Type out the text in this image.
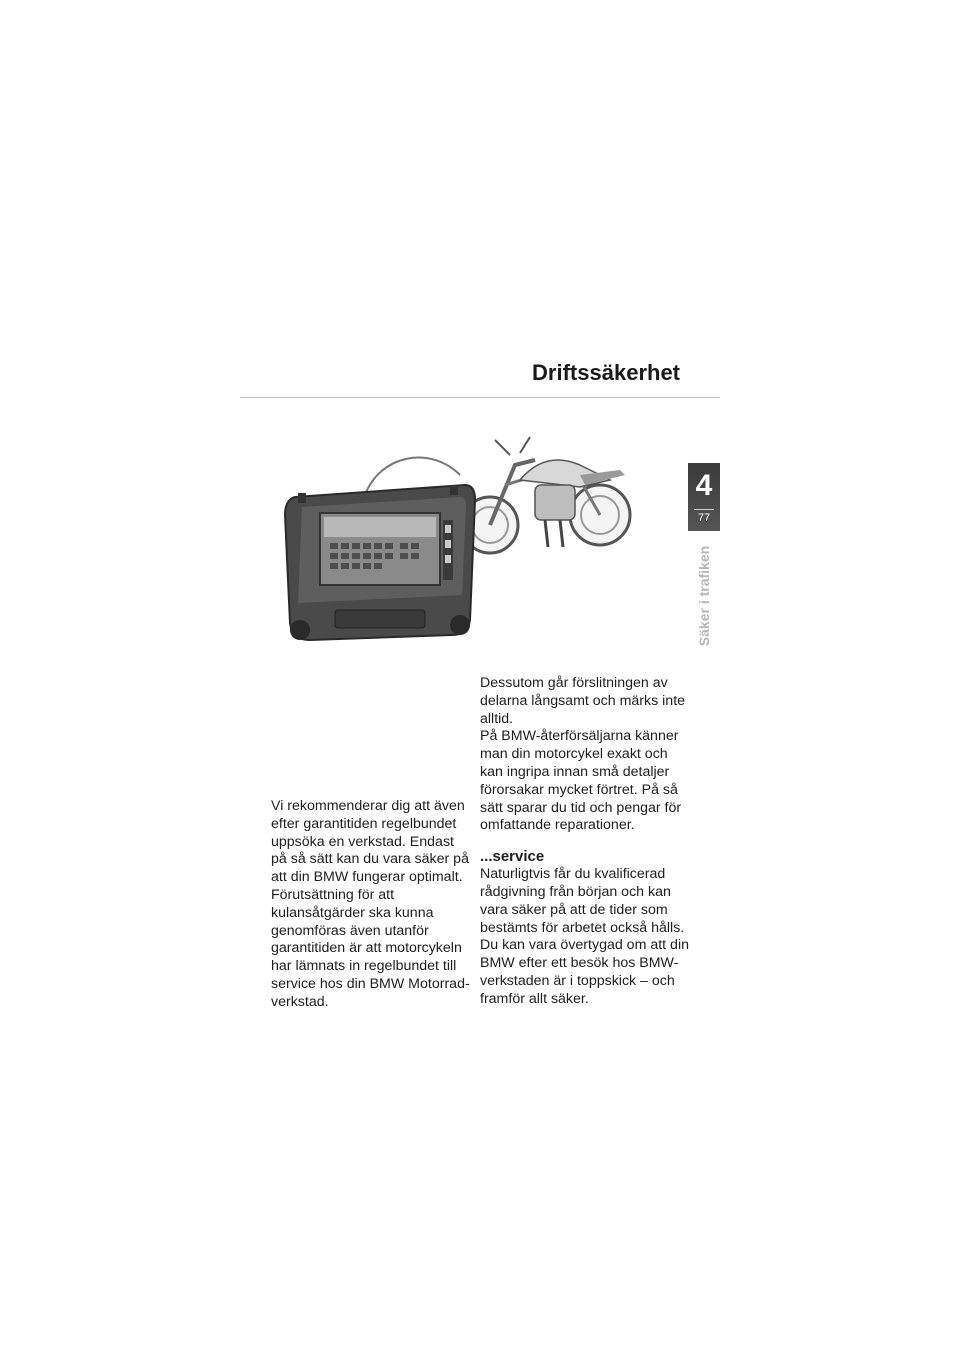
Driftssäkerhet
4
77
Säker i trafiken

Vi rekommenderar dig att även efter garantitiden regelbundet uppsöka en verkstad. Endast på så sätt kan du vara säker på att din BMW fungerar optimalt. Förutsättning för att kulansåtgärder ska kunna genomföras även utanför garantitiden är att motorcykeln har lämnats in regelbundet till service hos din BMW Motorrad-verkstad.

Dessutom går förslitningen av delarna långsamt och märks inte alltid.

På BMW-återförsäljarna känner man din motorcykel exakt och kan ingripa innan små detaljer förorsakar mycket förtret. På så sätt sparar du tid och pengar för omfattande reparationer.

...service

Naturligtvis får du kvalificerad rådgivning från början och kan vara säker på att de tider som bestämts för arbetet också hålls. Du kan vara övertygad om att din BMW efter ett besök hos BMW-verkstaden är i toppskick – och framför allt säker.
